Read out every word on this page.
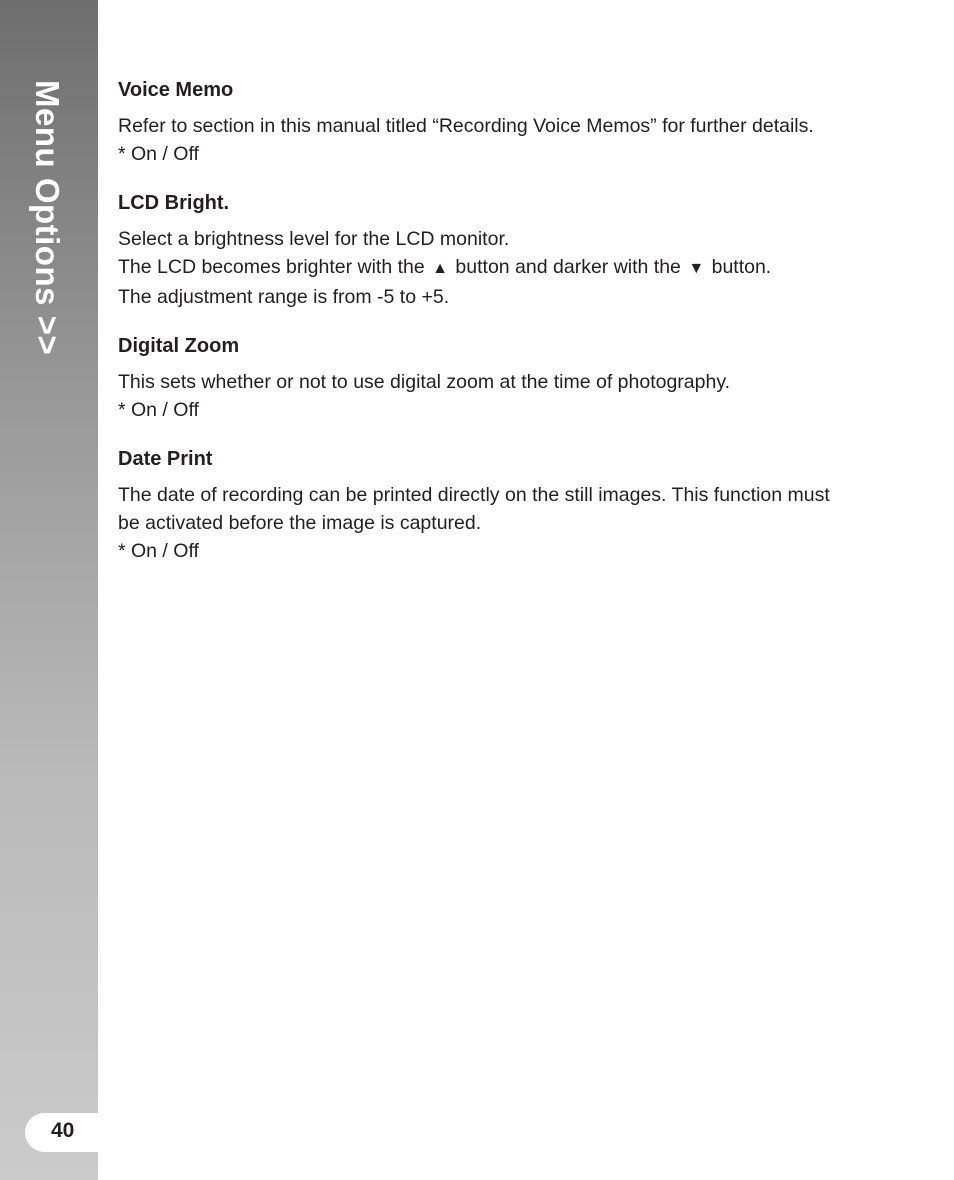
Menu Options >>
40
Voice Memo

Refer to section in this manual titled “Recording Voice Memos” for further details.

* On / Off

LCD Bright.

Select a brightness level for the LCD monitor.
The LCD becomes brighter with the ▲ button and darker with the ▼ button.
The adjustment range is from -5 to +5.

Digital Zoom

This sets whether or not to use digital zoom at the time of photography.

* On / Off

Date Print

The date of recording can be printed directly on the still images. This function must be activated before the image is captured.

* On / Off
